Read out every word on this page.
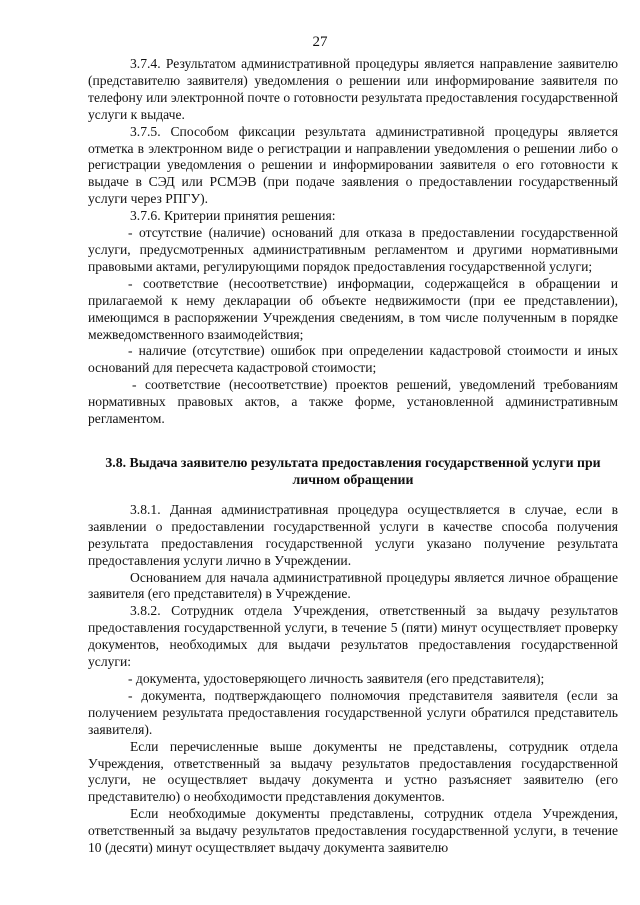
27

3.7.4. Результатом административной процедуры является направление заявителю (представителю заявителя) уведомления о решении или информирование заявителя по телефону или электронной почте о готовности результата предоставления государственной услуги к выдаче.

3.7.5. Способом фиксации результата административной процедуры является отметка в электронном виде о регистрации и направлении уведомления о решении либо о регистрации уведомления о решении и информировании заявителя о его готовности к выдаче в СЭД или РСМЭВ (при подаче заявления о предоставлении государственный услуги через РПГУ).

3.7.6. Критерии принятия решения:

- отсутствие (наличие) оснований для отказа в предоставлении государственной услуги, предусмотренных административным регламентом и другими нормативными правовыми актами, регулирующими порядок предоставления государственной услуги;

- соответствие (несоответствие) информации, содержащейся в обращении и прилагаемой к нему декларации об объекте недвижимости (при ее представлении), имеющимся в распоряжении Учреждения сведениям, в том числе полученным в порядке межведомственного взаимодействия;

- наличие (отсутствие) ошибок при определении кадастровой стоимости и иных оснований для пересчета кадастровой стоимости;

- соответствие (несоответствие) проектов решений, уведомлений требованиям нормативных правовых актов, а также форме, установленной административным регламентом.

3.8. Выдача заявителю результата предоставления государственной услуги при личном обращении

3.8.1. Данная административная процедура осуществляется в случае, если в заявлении о предоставлении государственной услуги в качестве способа получения результата предоставления государственной услуги указано получение результата предоставления услуги лично в Учреждении.

Основанием для начала административной процедуры является личное обращение заявителя (его представителя) в Учреждение.

3.8.2. Сотрудник отдела Учреждения, ответственный за выдачу результатов предоставления государственной услуги, в течение 5 (пяти) минут осуществляет проверку документов, необходимых для выдачи результатов предоставления государственной услуги:

- документа, удостоверяющего личность заявителя (его представителя);

- документа, подтверждающего полномочия представителя заявителя (если за получением результата предоставления государственной услуги обратился представитель заявителя).

Если перечисленные выше документы не представлены, сотрудник отдела Учреждения, ответственный за выдачу результатов предоставления государственной услуги, не осуществляет выдачу документа и устно разъясняет заявителю (его представителю) о необходимости представления документов.

Если необходимые документы представлены, сотрудник отдела Учреждения, ответственный за выдачу результатов предоставления государственной услуги, в течение 10 (десяти) минут осуществляет выдачу документа заявителю
